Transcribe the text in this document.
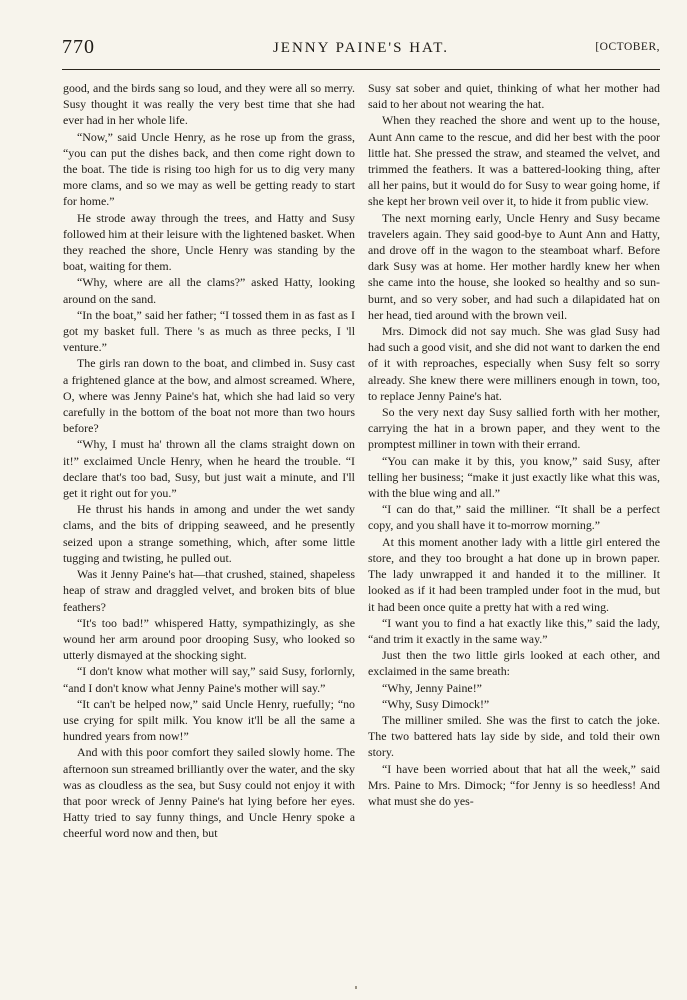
770	JENNY PAINE'S HAT.	[OCTOBER,

good, and the birds sang so loud, and they were all so merry. Susy thought it was really the very best time that she had ever had in her whole life.

“Now,” said Uncle Henry, as he rose up from the grass, “you can put the dishes back, and then come right down to the boat. The tide is rising too high for us to dig very many more clams, and so we may as well be getting ready to start for home.”

He strode away through the trees, and Hatty and Susy followed him at their leisure with the lightened basket. When they reached the shore, Uncle Henry was standing by the boat, waiting for them.

“Why, where are all the clams?” asked Hatty, looking around on the sand.

“In the boat,” said her father; “I tossed them in as fast as I got my basket full. There 's as much as three pecks, I 'll venture.”

The girls ran down to the boat, and climbed in. Susy cast a frightened glance at the bow, and almost screamed. Where, O, where was Jenny Paine's hat, which she had laid so very carefully in the bottom of the boat not more than two hours before?

“Why, I must ha' thrown all the clams straight down on it!” exclaimed Uncle Henry, when he heard the trouble. “I declare that's too bad, Susy, but just wait a minute, and I'll get it right out for you.”

He thrust his hands in among and under the wet sandy clams, and the bits of dripping seaweed, and he presently seized upon a strange something, which, after some little tugging and twisting, he pulled out.

Was it Jenny Paine's hat—that crushed, stained, shapeless heap of straw and draggled velvet, and broken bits of blue feathers?

“It's too bad!” whispered Hatty, sympathizingly, as she wound her arm around poor drooping Susy, who looked so utterly dismayed at the shocking sight.

“I don't know what mother will say,” said Susy, forlornly, “and I don't know what Jenny Paine's mother will say.”

“It can't be helped now,” said Uncle Henry, ruefully; “no use crying for spilt milk. You know it'll be all the same a hundred years from now!”

And with this poor comfort they sailed slowly home. The afternoon sun streamed brilliantly over the water, and the sky was as cloudless as the sea, but Susy could not enjoy it with that poor wreck of Jenny Paine's hat lying before her eyes. Hatty tried to say funny things, and Uncle Henry spoke a cheerful word now and then, but

Susy sat sober and quiet, thinking of what her mother had said to her about not wearing the hat.

When they reached the shore and went up to the house, Aunt Ann came to the rescue, and did her best with the poor little hat. She pressed the straw, and steamed the velvet, and trimmed the feathers. It was a battered-looking thing, after all her pains, but it would do for Susy to wear going home, if she kept her brown veil over it, to hide it from public view.

The next morning early, Uncle Henry and Susy became travelers again. They said good-bye to Aunt Ann and Hatty, and drove off in the wagon to the steamboat wharf. Before dark Susy was at home. Her mother hardly knew her when she came into the house, she looked so healthy and so sun-burnt, and so very sober, and had such a dilapidated hat on her head, tied around with the brown veil.

Mrs. Dimock did not say much. She was glad Susy had had such a good visit, and she did not want to darken the end of it with reproaches, especially when Susy felt so sorry already. She knew there were milliners enough in town, too, to replace Jenny Paine's hat.

So the very next day Susy sallied forth with her mother, carrying the hat in a brown paper, and they went to the promptest milliner in town with their errand.

“You can make it by this, you know,” said Susy, after telling her business; “make it just exactly like what this was, with the blue wing and all.”

“I can do that,” said the milliner. “It shall be a perfect copy, and you shall have it to-morrow morning.”

At this moment another lady with a little girl entered the store, and they too brought a hat done up in brown paper. The lady unwrapped it and handed it to the milliner. It looked as if it had been trampled under foot in the mud, but it had been once quite a pretty hat with a red wing.

“I want you to find a hat exactly like this,” said the lady, “and trim it exactly in the same way.”

Just then the two little girls looked at each other, and exclaimed in the same breath:

“Why, Jenny Paine!”

“Why, Susy Dimock!”

The milliner smiled. She was the first to catch the joke. The two battered hats lay side by side, and told their own story.

“I have been worried about that hat all the week,” said Mrs. Paine to Mrs. Dimock; “for Jenny is so heedless! And what must she do yes-
